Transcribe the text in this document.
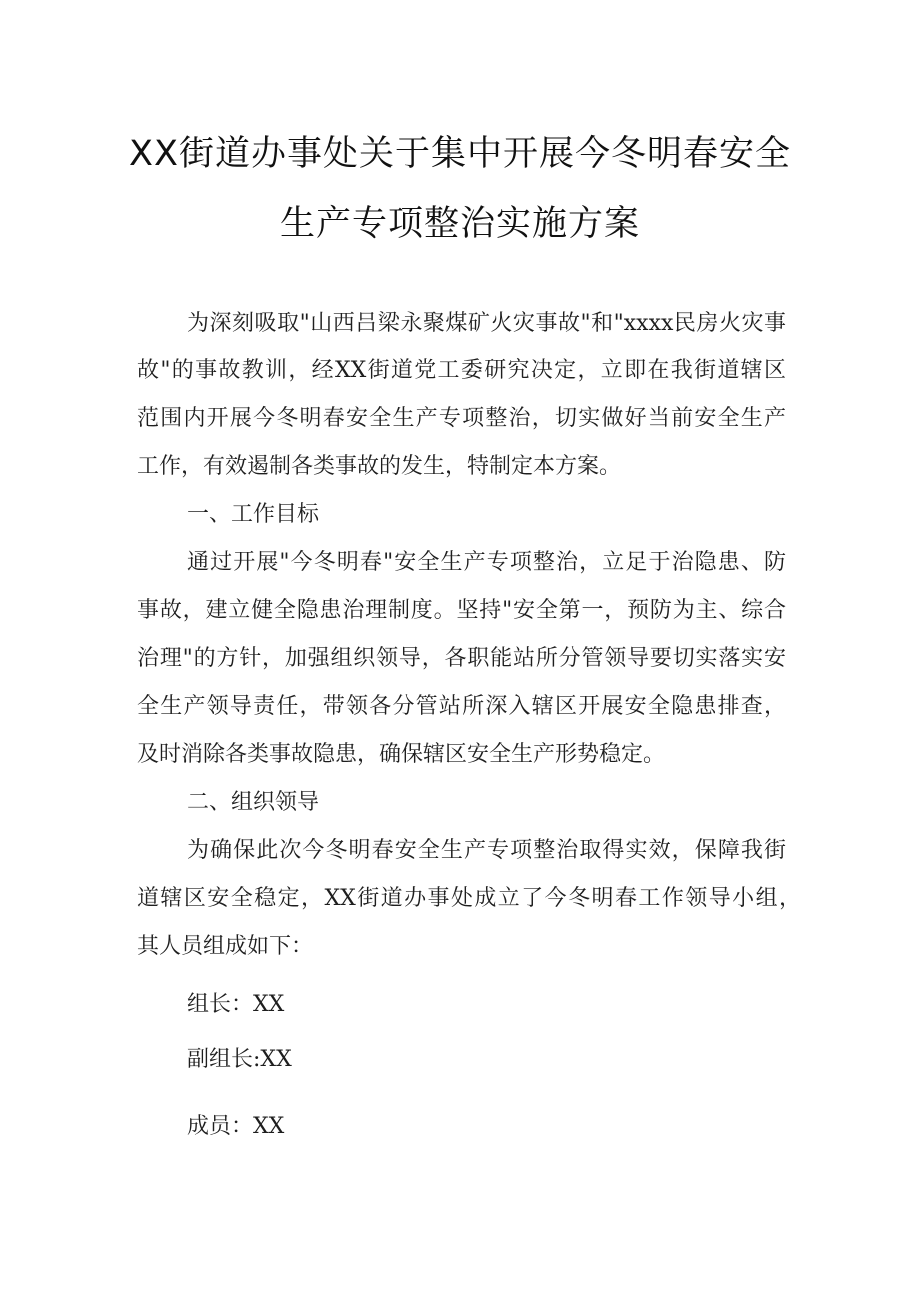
XX街道办事处关于集中开展今冬明春安全
生产专项整治实施方案
为深刻吸取"山西吕梁永聚煤矿火灾事故"和"xxxx民房火灾事
故"的事故教训，经XX街道党工委研究决定，立即在我街道辖区
范围内开展今冬明春安全生产专项整治，切实做好当前安全生产
工作，有效遏制各类事故的发生，特制定本方案。
一、工作目标
通过开展"今冬明春"安全生产专项整治，立足于治隐患、防
事故，建立健全隐患治理制度。坚持"安全第一，预防为主、综合
治理"的方针，加强组织领导，各职能站所分管领导要切实落实安
全生产领导责任，带领各分管站所深入辖区开展安全隐患排查，
及时消除各类事故隐患，确保辖区安全生产形势稳定。
二、组织领导
为确保此次今冬明春安全生产专项整治取得实效，保障我街
道辖区安全稳定，XX街道办事处成立了今冬明春工作领导小组，
其人员组成如下：
组长：XX
副组长:XX
成员：XX
